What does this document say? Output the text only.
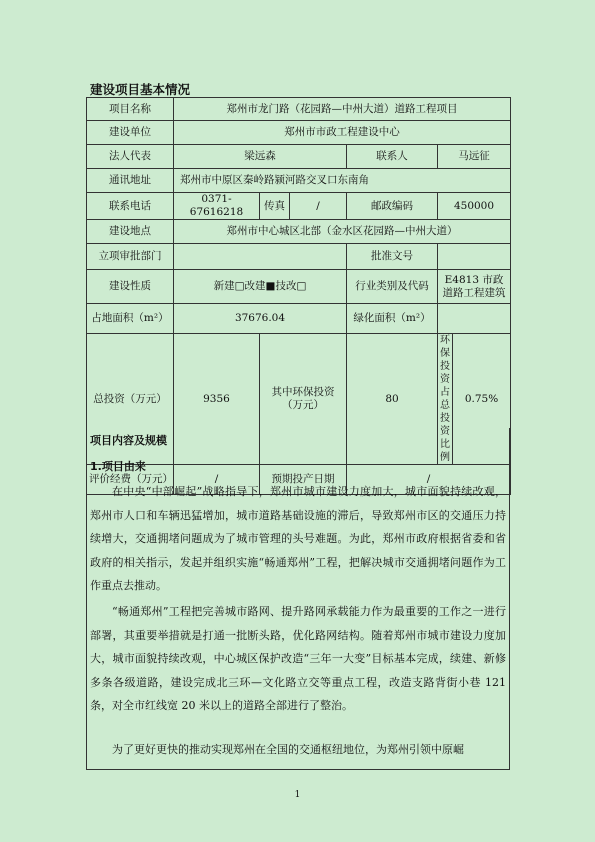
建设项目基本情况
项目名称	郑州市龙门路（花园路—中州大道）道路工程项目					
建设单位	郑州市市政工程建设中心					
法人代表	梁远森			联系人	马远征	
通讯地址	郑州市中原区秦岭路颍河路交叉口东南角					
联系电话	0371-67616218	传真	/	邮政编码	450000	
建设地点	郑州市中心城区北部（金水区花园路—中州大道）					
立项审批部门				批准文号		
建设性质	新建□改建■技改□			行业类别及代码	E4813 市政道路工程建筑	
占地面积（m²）	37676.04			绿化面积（m²）		
总投资（万元）	9356	其中环保投资（万元）		80	环保投资占总投资比例	0.75%
评价经费（万元）	/	预期投产日期		/		
项目内容及规模
1.项目由来

在中央“中部崛起”战略指导下，郑州市城市建设力度加大，城市面貌持续改观，郑州市人口和车辆迅猛增加，城市道路基础设施的滞后，导致郑州市区的交通压力持续增大，交通拥堵问题成为了城市管理的头号难题。为此，郑州市政府根据省委和省政府的相关指示，发起并组织实施“畅通郑州”工程，把解决城市交通拥堵问题作为工作重点去推动。

“畅通郑州”工程把完善城市路网、提升路网承载能力作为最重要的工作之一进行部署，其重要举措就是打通一批断头路，优化路网结构。随着郑州市城市建设力度加大，城市面貌持续改观，中心城区保护改造“三年一大变”目标基本完成，续建、新修多条各级道路，建设完成北三环—文化路立交等重点工程，改造支路背街小巷 121 条，对全市红线宽 20 米以上的道路全部进行了整治。

为了更好更快的推动实现郑州在全国的交通枢纽地位，为郑州引领中原崛

1
